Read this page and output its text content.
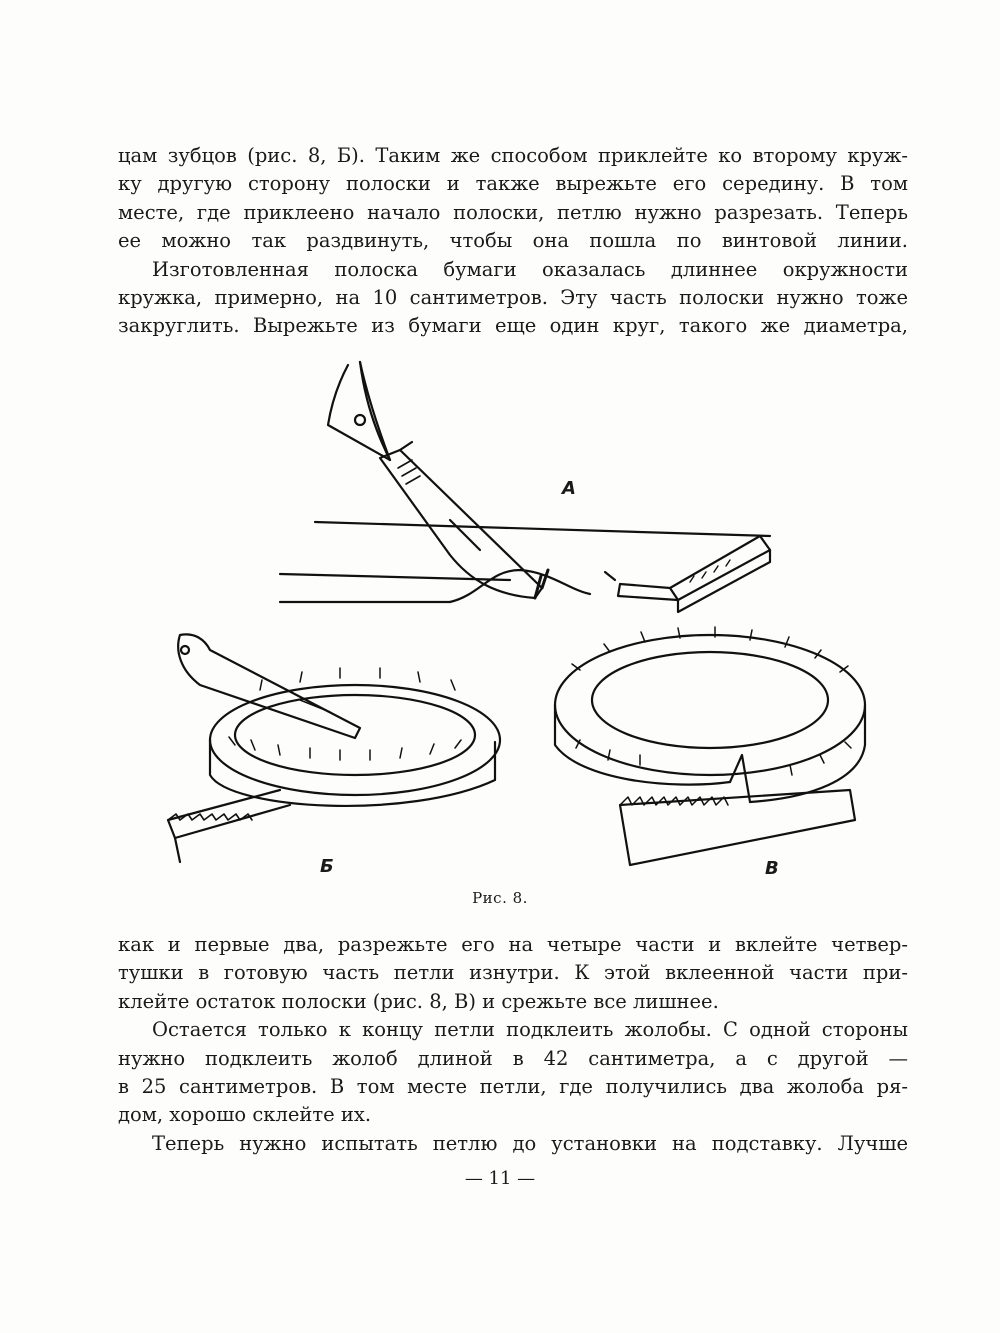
цам зубцов (рис. 8, Б). Таким же способом приклейте ко второму круж-
ку другую сторону полоски и также вырежьте его середину. В том
месте, где приклеено начало полоски, петлю нужно разрезать. Теперь
ее можно так раздвинуть, чтобы она пошла по винтовой линии.
Изготовленная полоска бумаги оказалась длиннее окружности
кружка, примерно, на 10 сантиметров. Эту часть полоски нужно тоже
закруглить. Вырежьте из бумаги еще один круг, такого же диаметра,
А
Б	В
Рис. 8.
как и первые два, разрежьте его на четыре части и вклейте четвер-
тушки в готовую часть петли изнутри. К этой вклеенной части при-
клейте остаток полоски (рис. 8, В) и срежьте все лишнее.
Остается только к концу петли подклеить жолобы. С одной стороны
нужно подклеить жолоб длиной в 42 сантиметра, а с другой —
в 25 сантиметров. В том месте петли, где получились два жолоба ря-
дом, хорошо склейте их.
Теперь нужно испытать петлю до установки на подставку. Лучше
— 11 —
